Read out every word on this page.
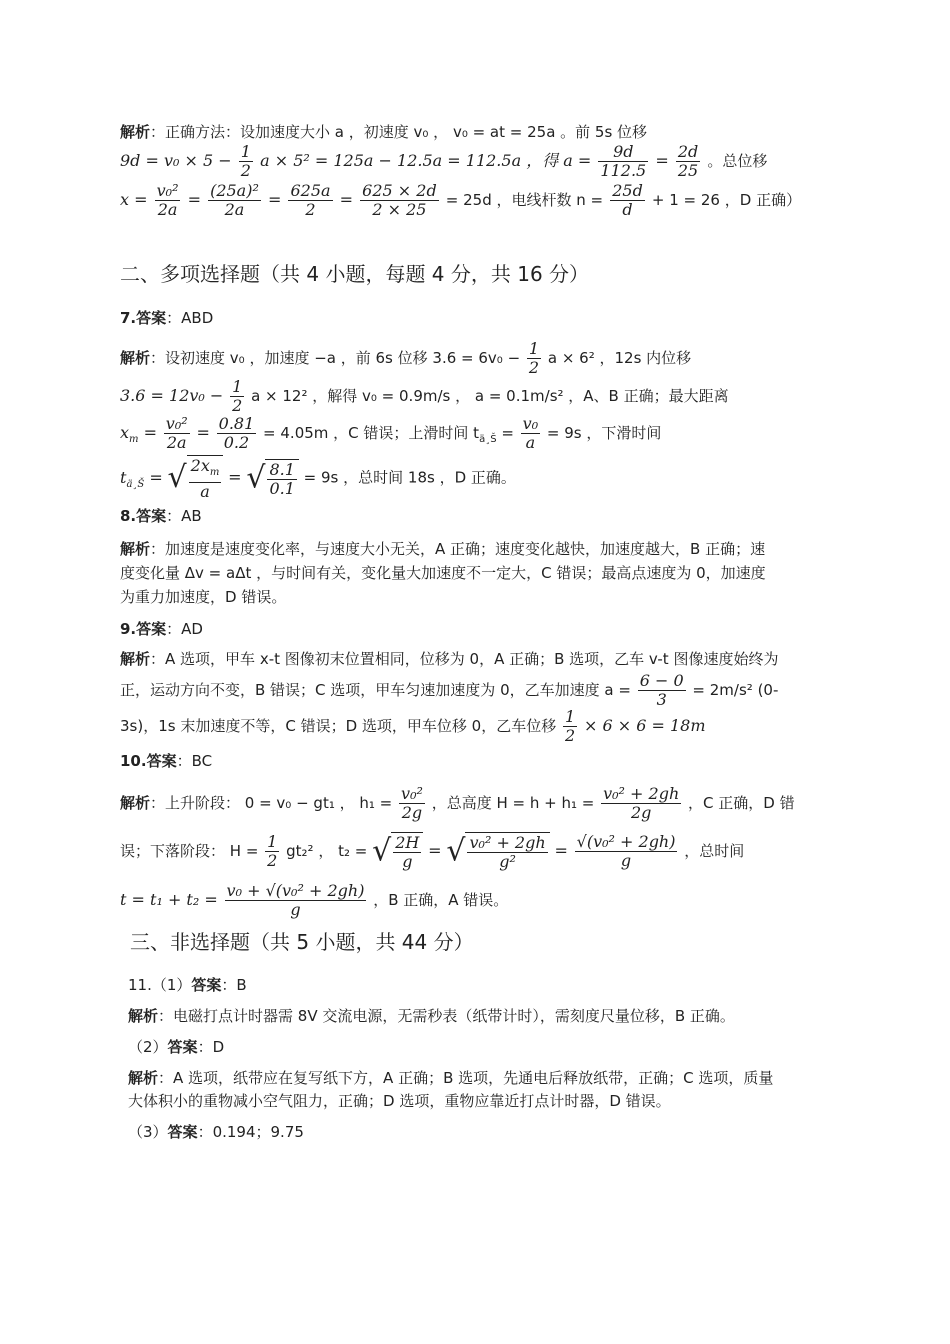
解析：正确方法：设加速度大小 a ，初速度 v₀ ， v₀ = at = 25a 。前 5s 位移
$9d = v_0 \times 5 - \frac{1}{2}$ a × 5² = 125a − 12.5a = 112.5a ，得 $a = \frac{9d}{112.5} = \frac{2d}{25}$ 。总位移
$x = \frac{\text{v₀²}}{2a} = \frac{\text{(25a)²}}{2a} = \frac{625a}{2} = \frac{625 \times 2d}{2 \times 25} = 25d$ ，电线杆数 $n = \frac{25d}{d} + 1 = 26$ ，D 正确）
二、多项选择题（共 4 小题，每题 4 分，共 16 分）
7.答案：ABD
解析：设初速度 v₀ ，加速度 −a ，前 6s 位移 $3.6 = 6v_0 - \frac{1}{2}$ a × 6² ，12s 内位移
$3.6 = 12v_0 - \frac{1}{2}$ a × 12² ，解得 v₀ = 0.9m/s ， a = 0.1m/s² ，A、B 正确；最大距离
$x_m = \frac{\text{v₀²}}{2a} = \frac{0.81}{0.2} = 4.05m$ ，C 错误；上滑时间 $t_{ä¸Š} = \frac{\text{v₀}}{a} = 9s$ ，下滑时间
$t_{ä¸Š}$ = √ $\frac{2x_m}{a}$ = √ $\frac{8.1}{0.1} = 9s$ ，总时间 18s ，D 正确。
8.答案：AB
解析：加速度是速度变化率，与速度大小无关，A 正确；速度变化越快，加速度越大，B 正确；速
度变化量 Δv = aΔt ，与时间有关，变化量大加速度不一定大，C 错误；最高点速度为 0，加速度
为重力加速度，D 错误。
9.答案：AD
解析：A 选项，甲车 x-t 图像初末位置相同，位移为 0，A 正确；B 选项，乙车 v-t 图像速度始终为
正，运动方向不变，B 错误；C 选项，甲车匀速加速度为 0，乙车加速度 $a = \frac{6 - 0}{3} = 2m/s^2$ (0-
3s)，1s 末加速度不等，C 错误；D 选项，甲车位移 0，乙车位移 $\frac{1}{2} \times 6 \times 6 = 18m$
10.答案：BC
解析：上升阶段： 0 = v₀ − gt₁ ， $h_1 = \frac{\text{v₀²}}{2g}$ ，总高度 $H = h + h_1 = \frac{\text{v₀² + 2gh}}{2g}$ ，C 正确，D 错
误；下落阶段： $H = \frac{1}{2} gt_2^2$ ， t₂ = √ $\frac{2H}{g}$ = √ $\frac{\text{v₀² + 2gh}}{\text{g²}} = \frac{\text{√(v₀² + 2gh)}}{g}$ ，总时间
$t = t_1 + t_2 = \frac{\text{v₀ + √(v₀² + 2gh)}}{g}$ ，B 正确，A 错误。
三、非选择题（共 5 小题，共 44 分）
11.（1）答案：B
解析：电磁打点计时器需 8V 交流电源，无需秒表（纸带计时），需刻度尺量位移，B 正确。
（2）答案：D
解析：A 选项，纸带应在复写纸下方，A 正确；B 选项，先通电后释放纸带，正确；C 选项，质量
大体积小的重物减小空气阻力，正确；D 选项，重物应靠近打点计时器，D 错误。
（3）答案：0.194；9.75
